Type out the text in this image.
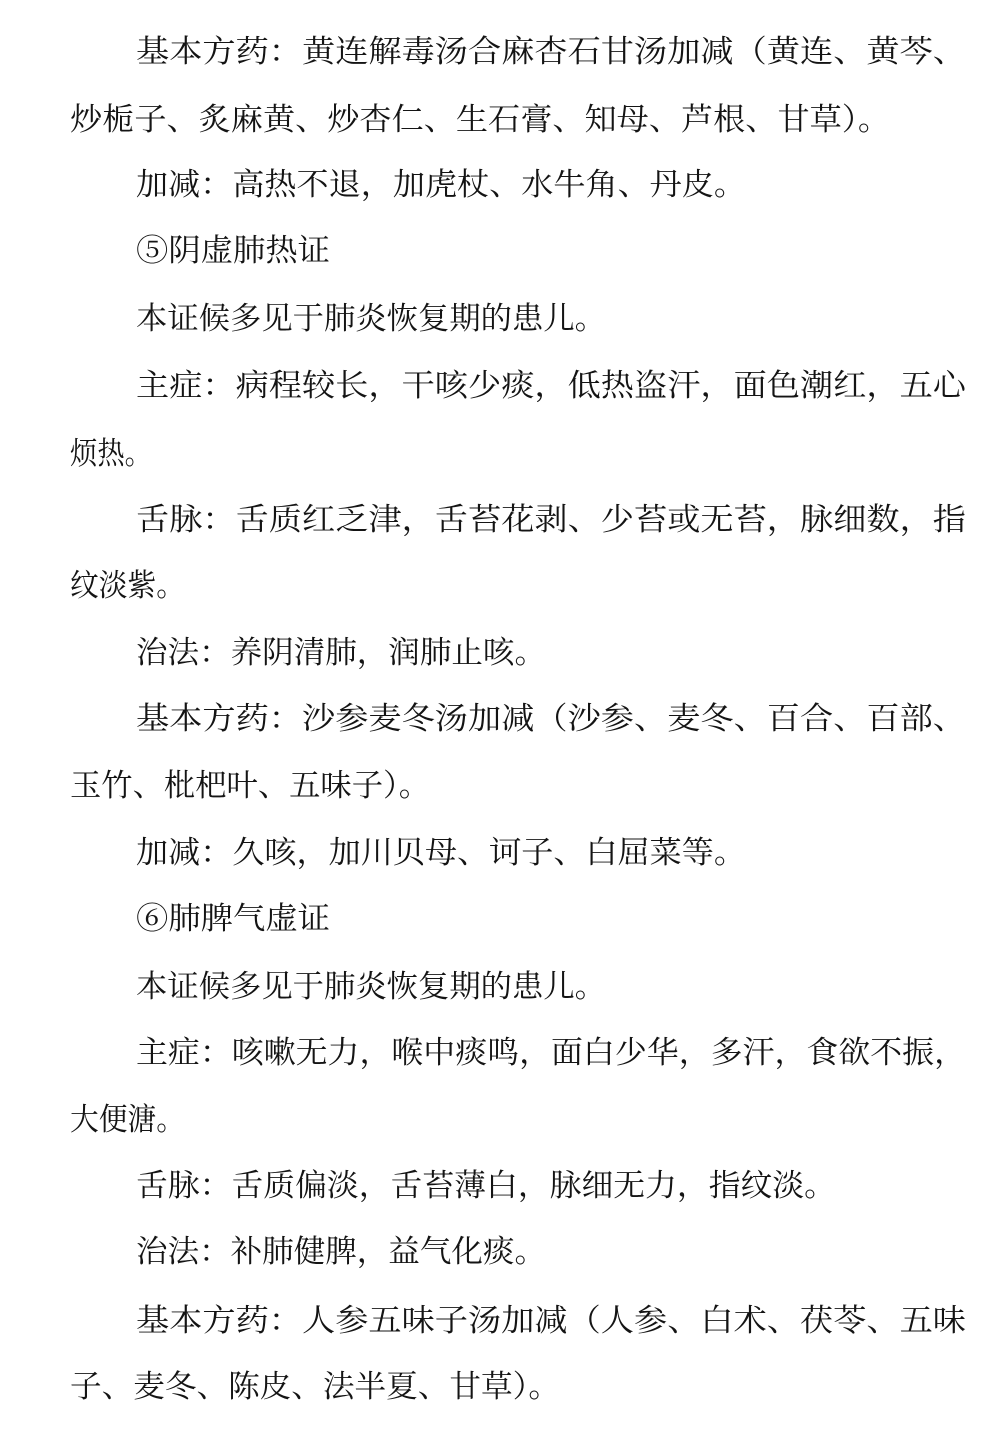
基本方药：黄连解毒汤合麻杏石甘汤加减（黄连、黄芩、

炒栀子、炙麻黄、炒杏仁、生石膏、知母、芦根、甘草）。

加减：高热不退，加虎杖、水牛角、丹皮。

⑤阴虚肺热证

本证候多见于肺炎恢复期的患儿。

主症：病程较长，干咳少痰，低热盗汗，面色潮红，五心

烦热。

舌脉：舌质红乏津，舌苔花剥、少苔或无苔，脉细数，指

纹淡紫。

治法：养阴清肺，润肺止咳。

基本方药：沙参麦冬汤加减（沙参、麦冬、百合、百部、

玉竹、枇杷叶、五味子）。

加减：久咳，加川贝母、诃子、白屈菜等。

⑥肺脾气虚证

本证候多见于肺炎恢复期的患儿。

主症：咳嗽无力，喉中痰鸣，面白少华，多汗，食欲不振，

大便溏。

舌脉：舌质偏淡，舌苔薄白，脉细无力，指纹淡。

治法：补肺健脾，益气化痰。

基本方药：人参五味子汤加减（人参、白术、茯苓、五味

子、麦冬、陈皮、法半夏、甘草）。
